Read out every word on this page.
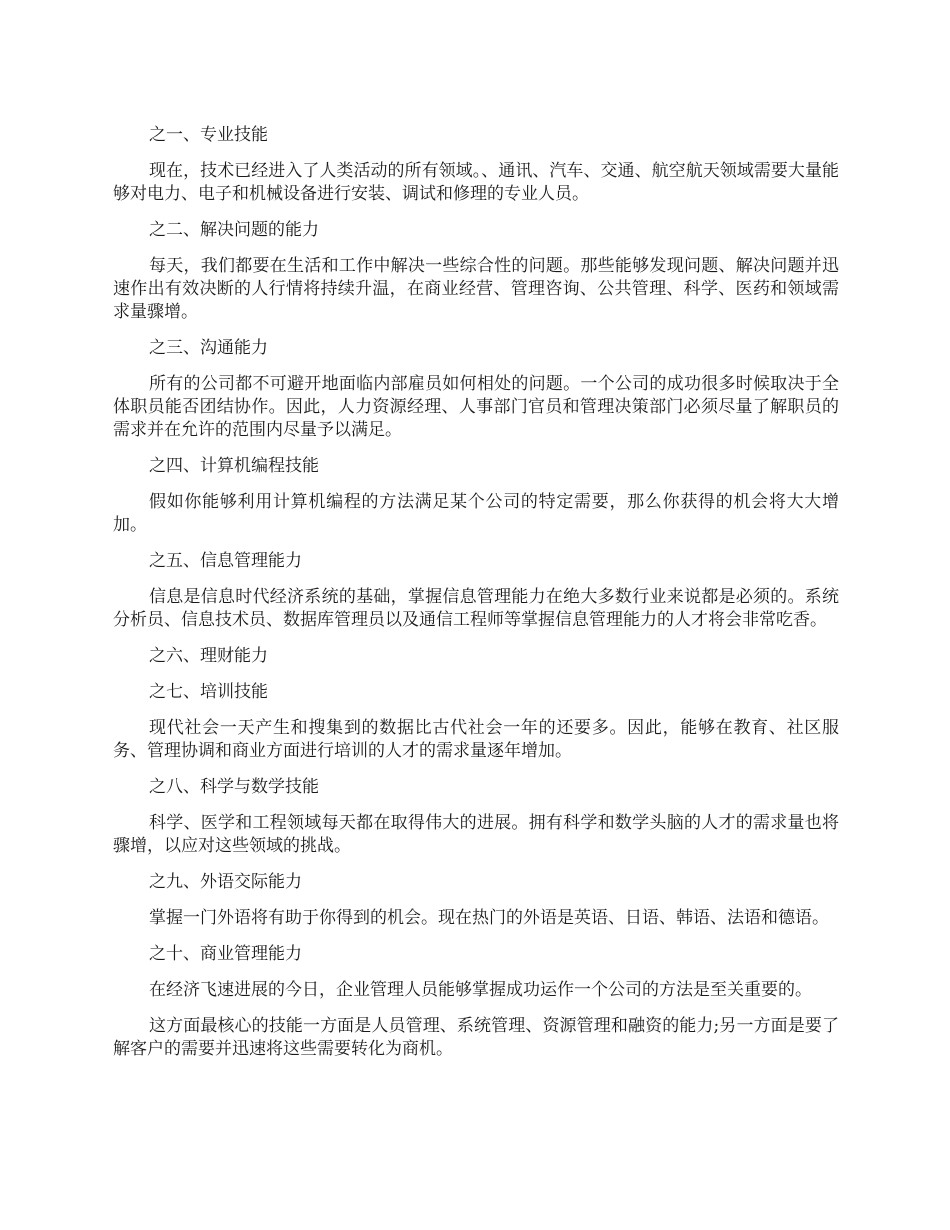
之一、专业技能

现在，技术已经进入了人类活动的所有领域。、通讯、汽车、交通、航空航天领域需要大量能够对电力、电子和机械设备进行安装、调试和修理的专业人员。

之二、解决问题的能力

每天，我们都要在生活和工作中解决一些综合性的问题。那些能够发现问题、解决问题并迅速作出有效决断的人行情将持续升温，在商业经营、管理咨询、公共管理、科学、医药和领域需求量骤增。

之三、沟通能力

所有的公司都不可避开地面临内部雇员如何相处的问题。一个公司的成功很多时候取决于全体职员能否团结协作。因此，人力资源经理、人事部门官员和管理决策部门必须尽量了解职员的需求并在允许的范围内尽量予以满足。

之四、计算机编程技能

假如你能够利用计算机编程的方法满足某个公司的特定需要，那么你获得的机会将大大增加。

之五、信息管理能力

信息是信息时代经济系统的基础，掌握信息管理能力在绝大多数行业来说都是必须的。系统分析员、信息技术员、数据库管理员以及通信工程师等掌握信息管理能力的人才将会非常吃香。

之六、理财能力

之七、培训技能

现代社会一天产生和搜集到的数据比古代社会一年的还要多。因此，能够在教育、社区服务、管理协调和商业方面进行培训的人才的需求量逐年增加。

之八、科学与数学技能

科学、医学和工程领域每天都在取得伟大的进展。拥有科学和数学头脑的人才的需求量也将骤增，以应对这些领域的挑战。

之九、外语交际能力

掌握一门外语将有助于你得到的机会。现在热门的外语是英语、日语、韩语、法语和德语。

之十、商业管理能力

在经济飞速进展的今日，企业管理人员能够掌握成功运作一个公司的方法是至关重要的。

这方面最核心的技能一方面是人员管理、系统管理、资源管理和融资的能力;另一方面是要了解客户的需要并迅速将这些需要转化为商机。
